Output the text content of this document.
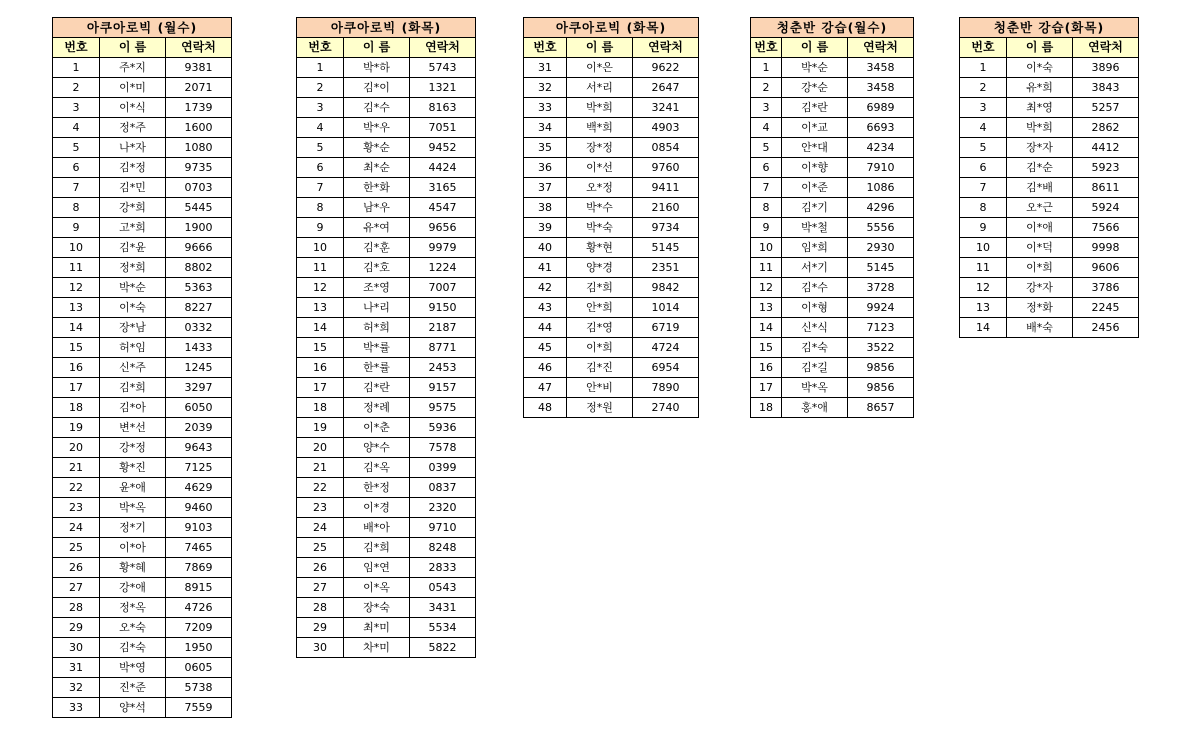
아쿠아로빅 (월수)		
번호	이 름	연락처
1	주*지	9381
2	이*미	2071
3	이*식	1739
4	정*주	1600
5	나*자	1080
6	김*정	9735
7	김*민	0703
8	강*희	5445
9	고*희	1900
10	김*윤	9666
11	정*희	8802
12	박*순	5363
13	이*숙	8227
14	장*남	0332
15	허*임	1433
16	신*주	1245
17	김*희	3297
18	김*아	6050
19	변*선	2039
20	강*정	9643
21	황*진	7125
22	윤*애	4629
23	박*옥	9460
24	정*기	9103
25	이*아	7465
26	황*혜	7869
27	강*애	8915
28	정*옥	4726
29	오*숙	7209
30	김*숙	1950
31	박*영	0605
32	진*준	5738
33	양*석	7559
아쿠아로빅 (화목)		
번호	이 름	연락처
1	박*하	5743
2	김*이	1321
3	김*수	8163
4	박*우	7051
5	황*순	9452
6	최*순	4424
7	한*화	3165
8	남*우	4547
9	유*여	9656
10	김*훈	9979
11	김*호	1224
12	조*영	7007
13	나*리	9150
14	허*희	2187
15	박*률	8771
16	한*률	2453
17	김*란	9157
18	정*례	9575
19	이*춘	5936
20	양*수	7578
21	김*옥	0399
22	한*정	0837
23	이*경	2320
24	배*아	9710
25	김*희	8248
26	임*연	2833
27	이*옥	0543
28	장*숙	3431
29	최*미	5534
30	차*미	5822
아쿠아로빅 (화목)		
번호	이 름	연락처
31	이*은	9622
32	서*리	2647
33	박*희	3241
34	백*희	4903
35	장*정	0854
36	이*선	9760
37	오*정	9411
38	박*수	2160
39	박*숙	9734
40	황*현	5145
41	양*경	2351
42	김*희	9842
43	안*희	1014
44	김*영	6719
45	이*희	4724
46	김*진	6954
47	안*비	7890
48	정*원	2740
청춘반 강습(월수)		
번호	이 름	연락처
1	박*순	3458
2	강*순	3458
3	김*란	6989
4	이*교	6693
5	안*대	4234
6	이*향	7910
7	이*준	1086
8	김*기	4296
9	박*철	5556
10	임*희	2930
11	서*기	5145
12	김*수	3728
13	이*형	9924
14	신*식	7123
15	김*숙	3522
16	김*길	9856
17	박*옥	9856
18	홍*애	8657
청춘반 강습(화목)		
번호	이 름	연락처
1	이*숙	3896
2	유*희	3843
3	최*영	5257
4	박*희	2862
5	장*자	4412
6	김*순	5923
7	김*배	8611
8	오*근	5924
9	이*애	7566
10	이*덕	9998
11	이*희	9606
12	강*자	3786
13	정*화	2245
14	배*숙	2456
